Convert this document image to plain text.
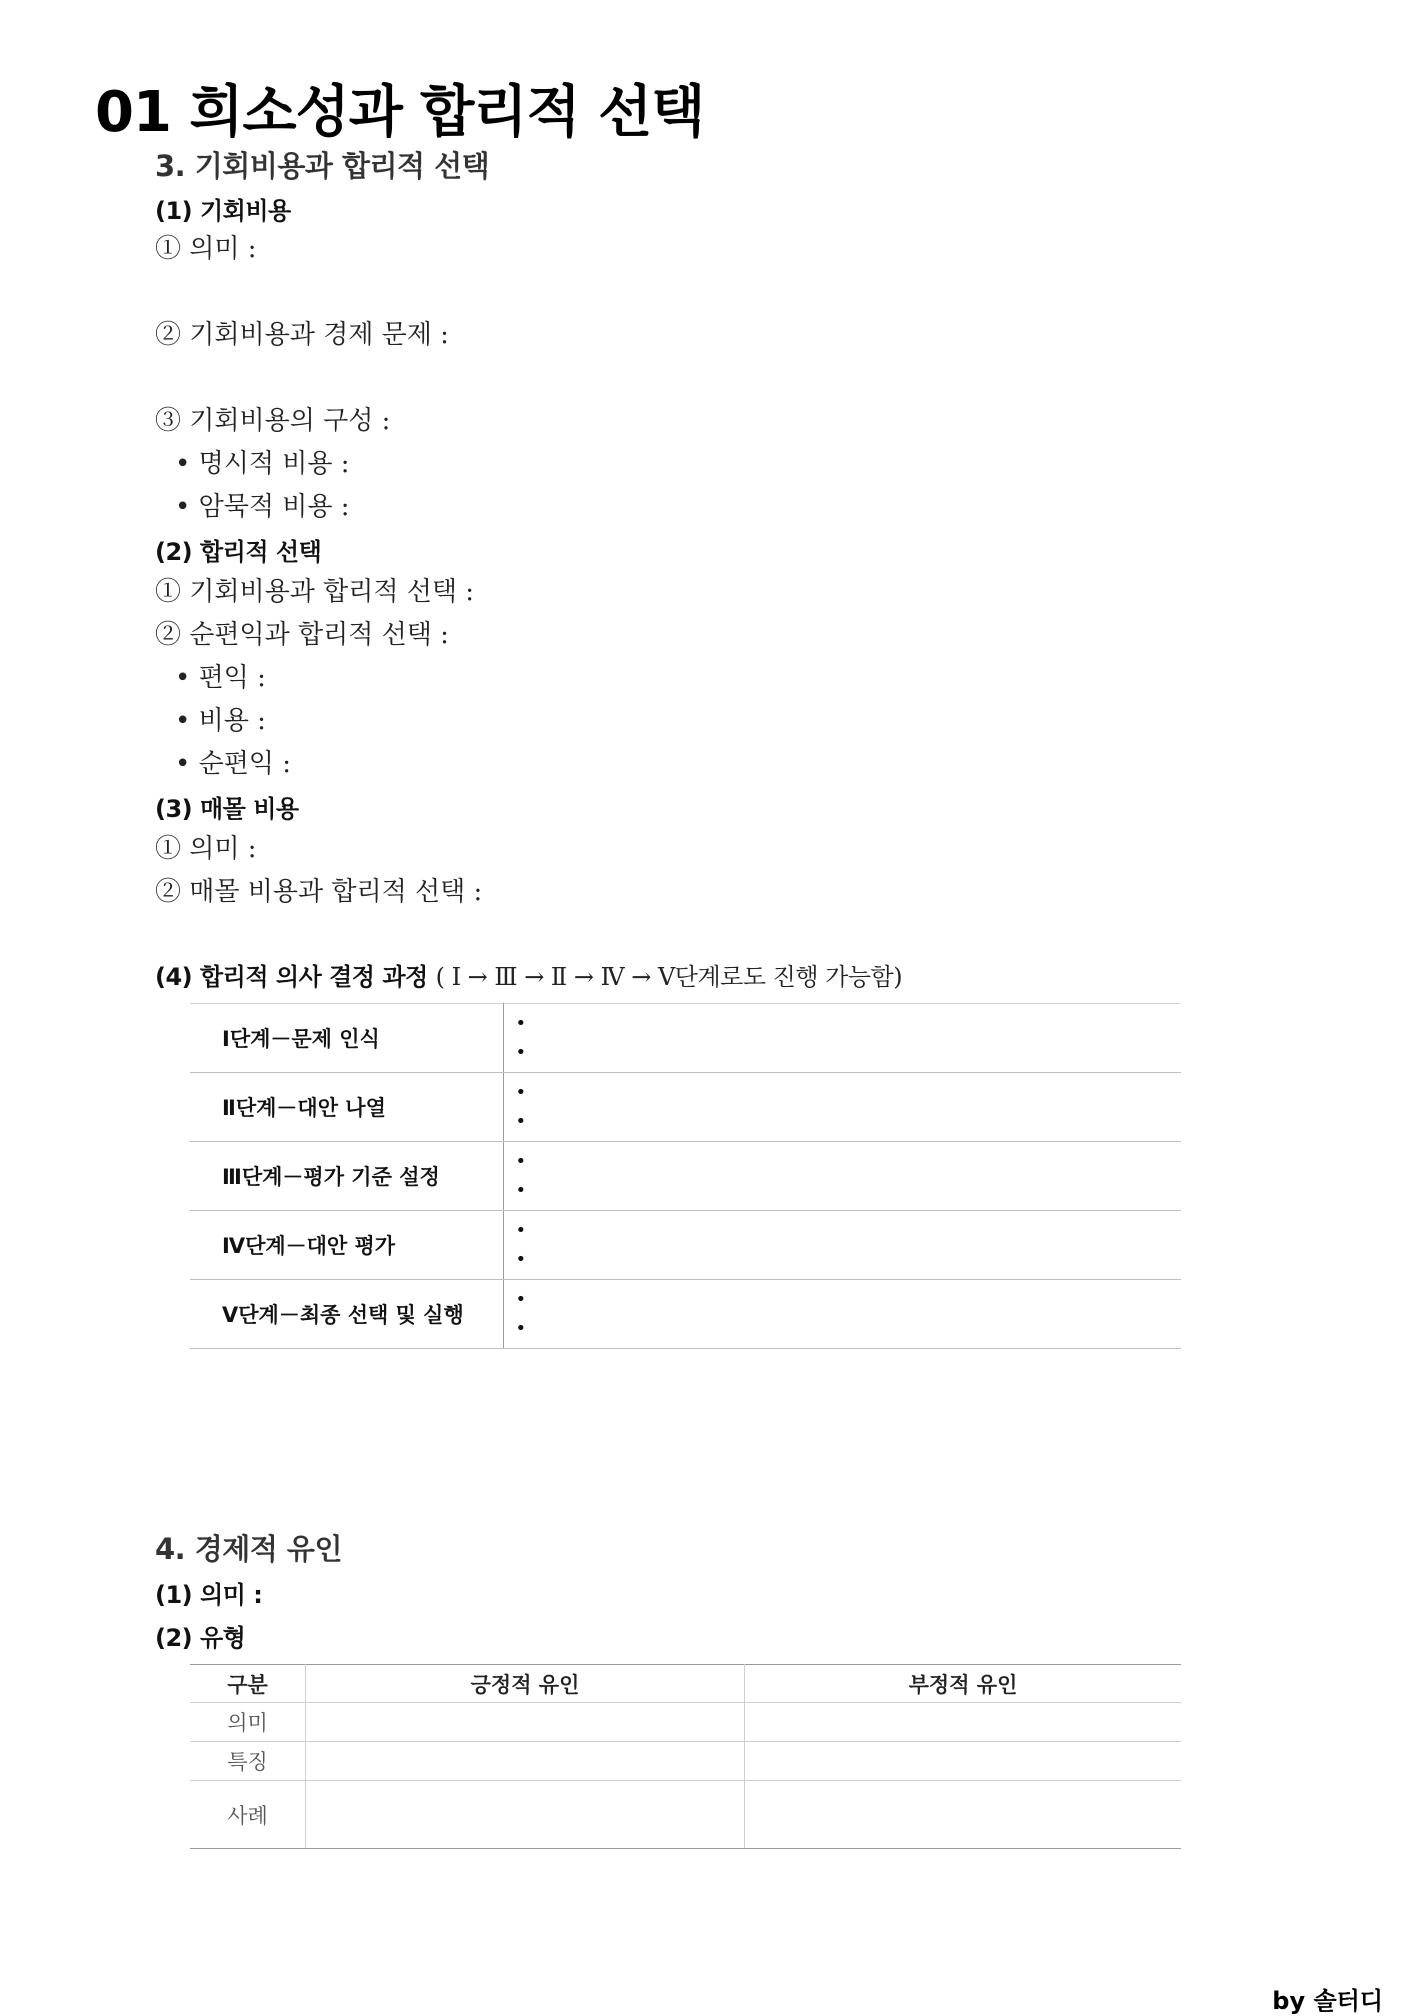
01 희소성과 합리적 선택
3. 기회비용과 합리적 선택
(1) 기회비용
① 의미 :
② 기회비용과 경제 문제 :
③ 기회비용의 구성 :
• 명시적 비용 :
• 암묵적 비용 :
(2) 합리적 선택
① 기회비용과 합리적 선택 :
② 순편익과 합리적 선택 :
• 편익 :
• 비용 :
• 순편익 :
(3) 매몰 비용
① 의미 :
② 매몰 비용과 합리적 선택 :
(4) 합리적 의사 결정 과정 ( Ⅰ → Ⅲ → Ⅱ → Ⅳ → Ⅴ단계로도 진행 가능함)
Ⅰ단계－문제 인식	•
•

Ⅱ단계－대안 나열	•
•

Ⅲ단계－평가 기준 설정	•
•

Ⅳ단계－대안 평가	•
•

Ⅴ단계－최종 선택 및 실행	•
•
4. 경제적 유인
(1) 의미 :
(2) 유형
구분	긍정적 유인	부정적 유인
의미		
특징		
사례		
by 솔터디
